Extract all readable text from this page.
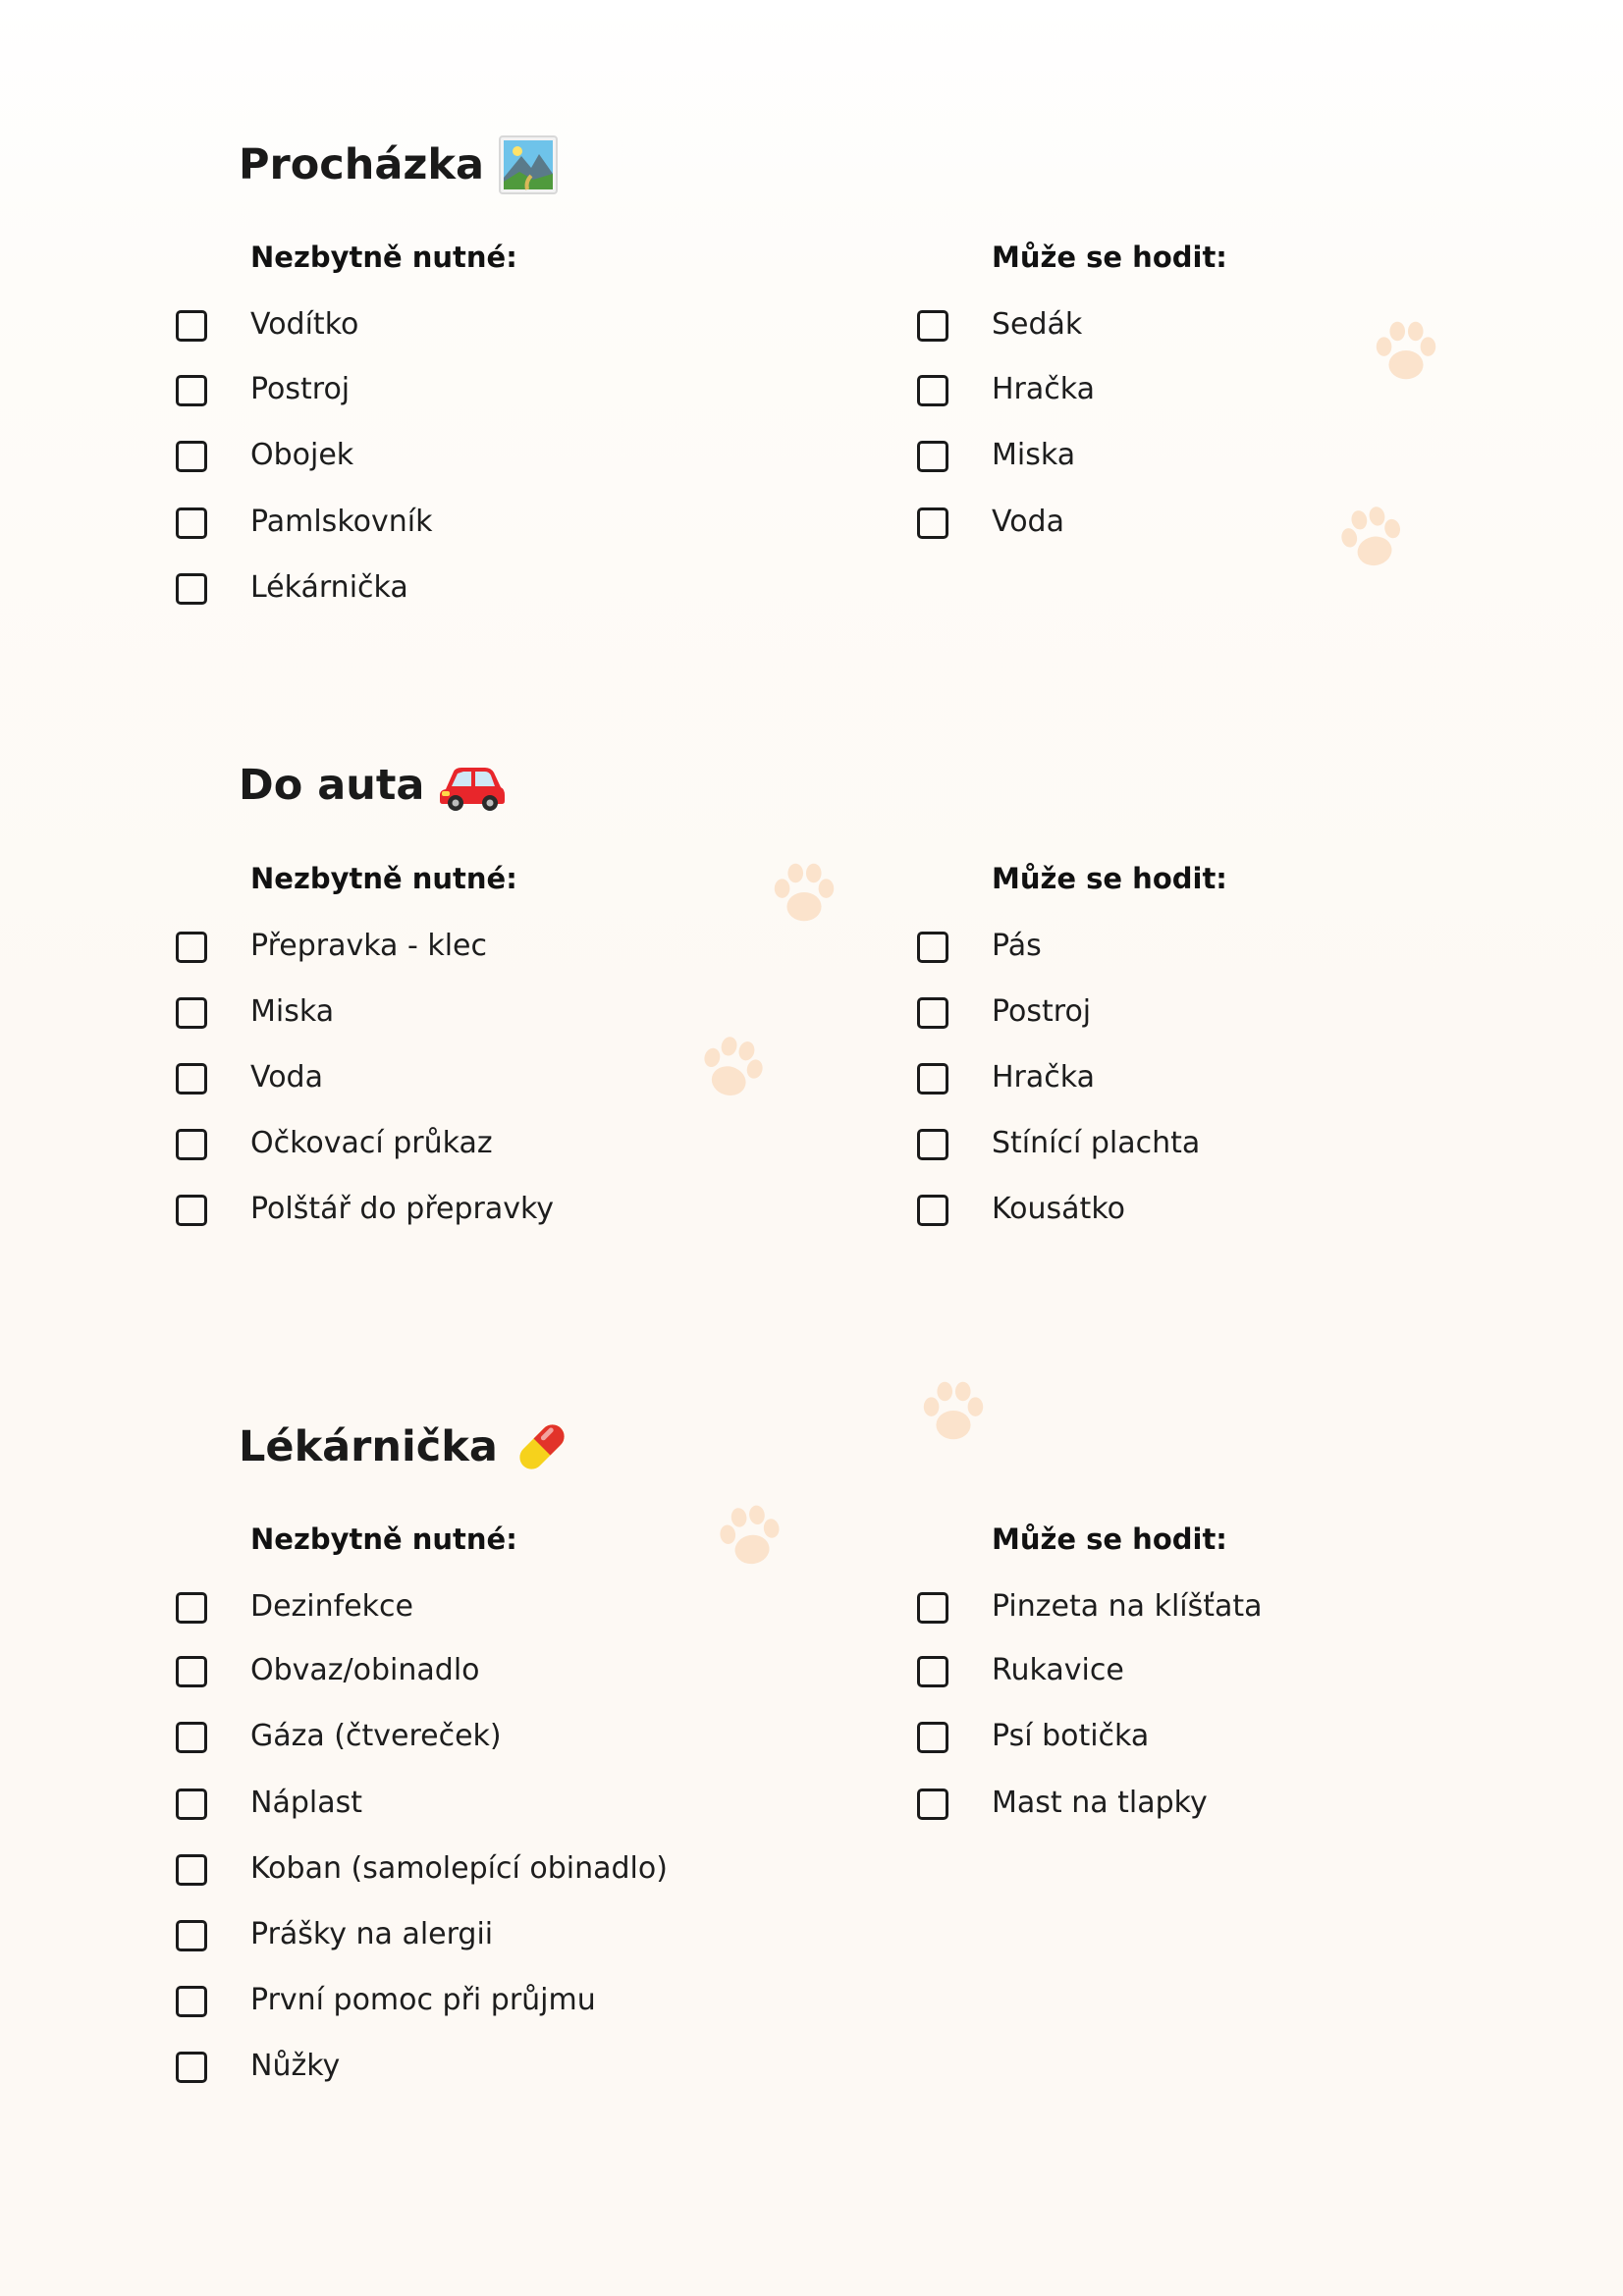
Procházka
Nezbytně nutné:
Vodítko
Postroj
Obojek
Pamlskovník
Lékárnička
Může se hodit:
Sedák
Hračka
Miska
Voda
Do auta
Nezbytně nutné:
Přepravka - klec
Miska
Voda
Očkovací průkaz
Polštář do přepravky
Může se hodit:
Pás
Postroj
Hračka
Stínící plachta
Kousátko
Lékárnička
Nezbytně nutné:
Dezinfekce
Obvaz/obinadlo
Gáza (čtvereček)
Náplast
Koban (samolepící obinadlo)
Prášky na alergii
První pomoc při průjmu
Nůžky
Může se hodit:
Pinzeta na klíšťata
Rukavice
Psí botička
Mast na tlapky
